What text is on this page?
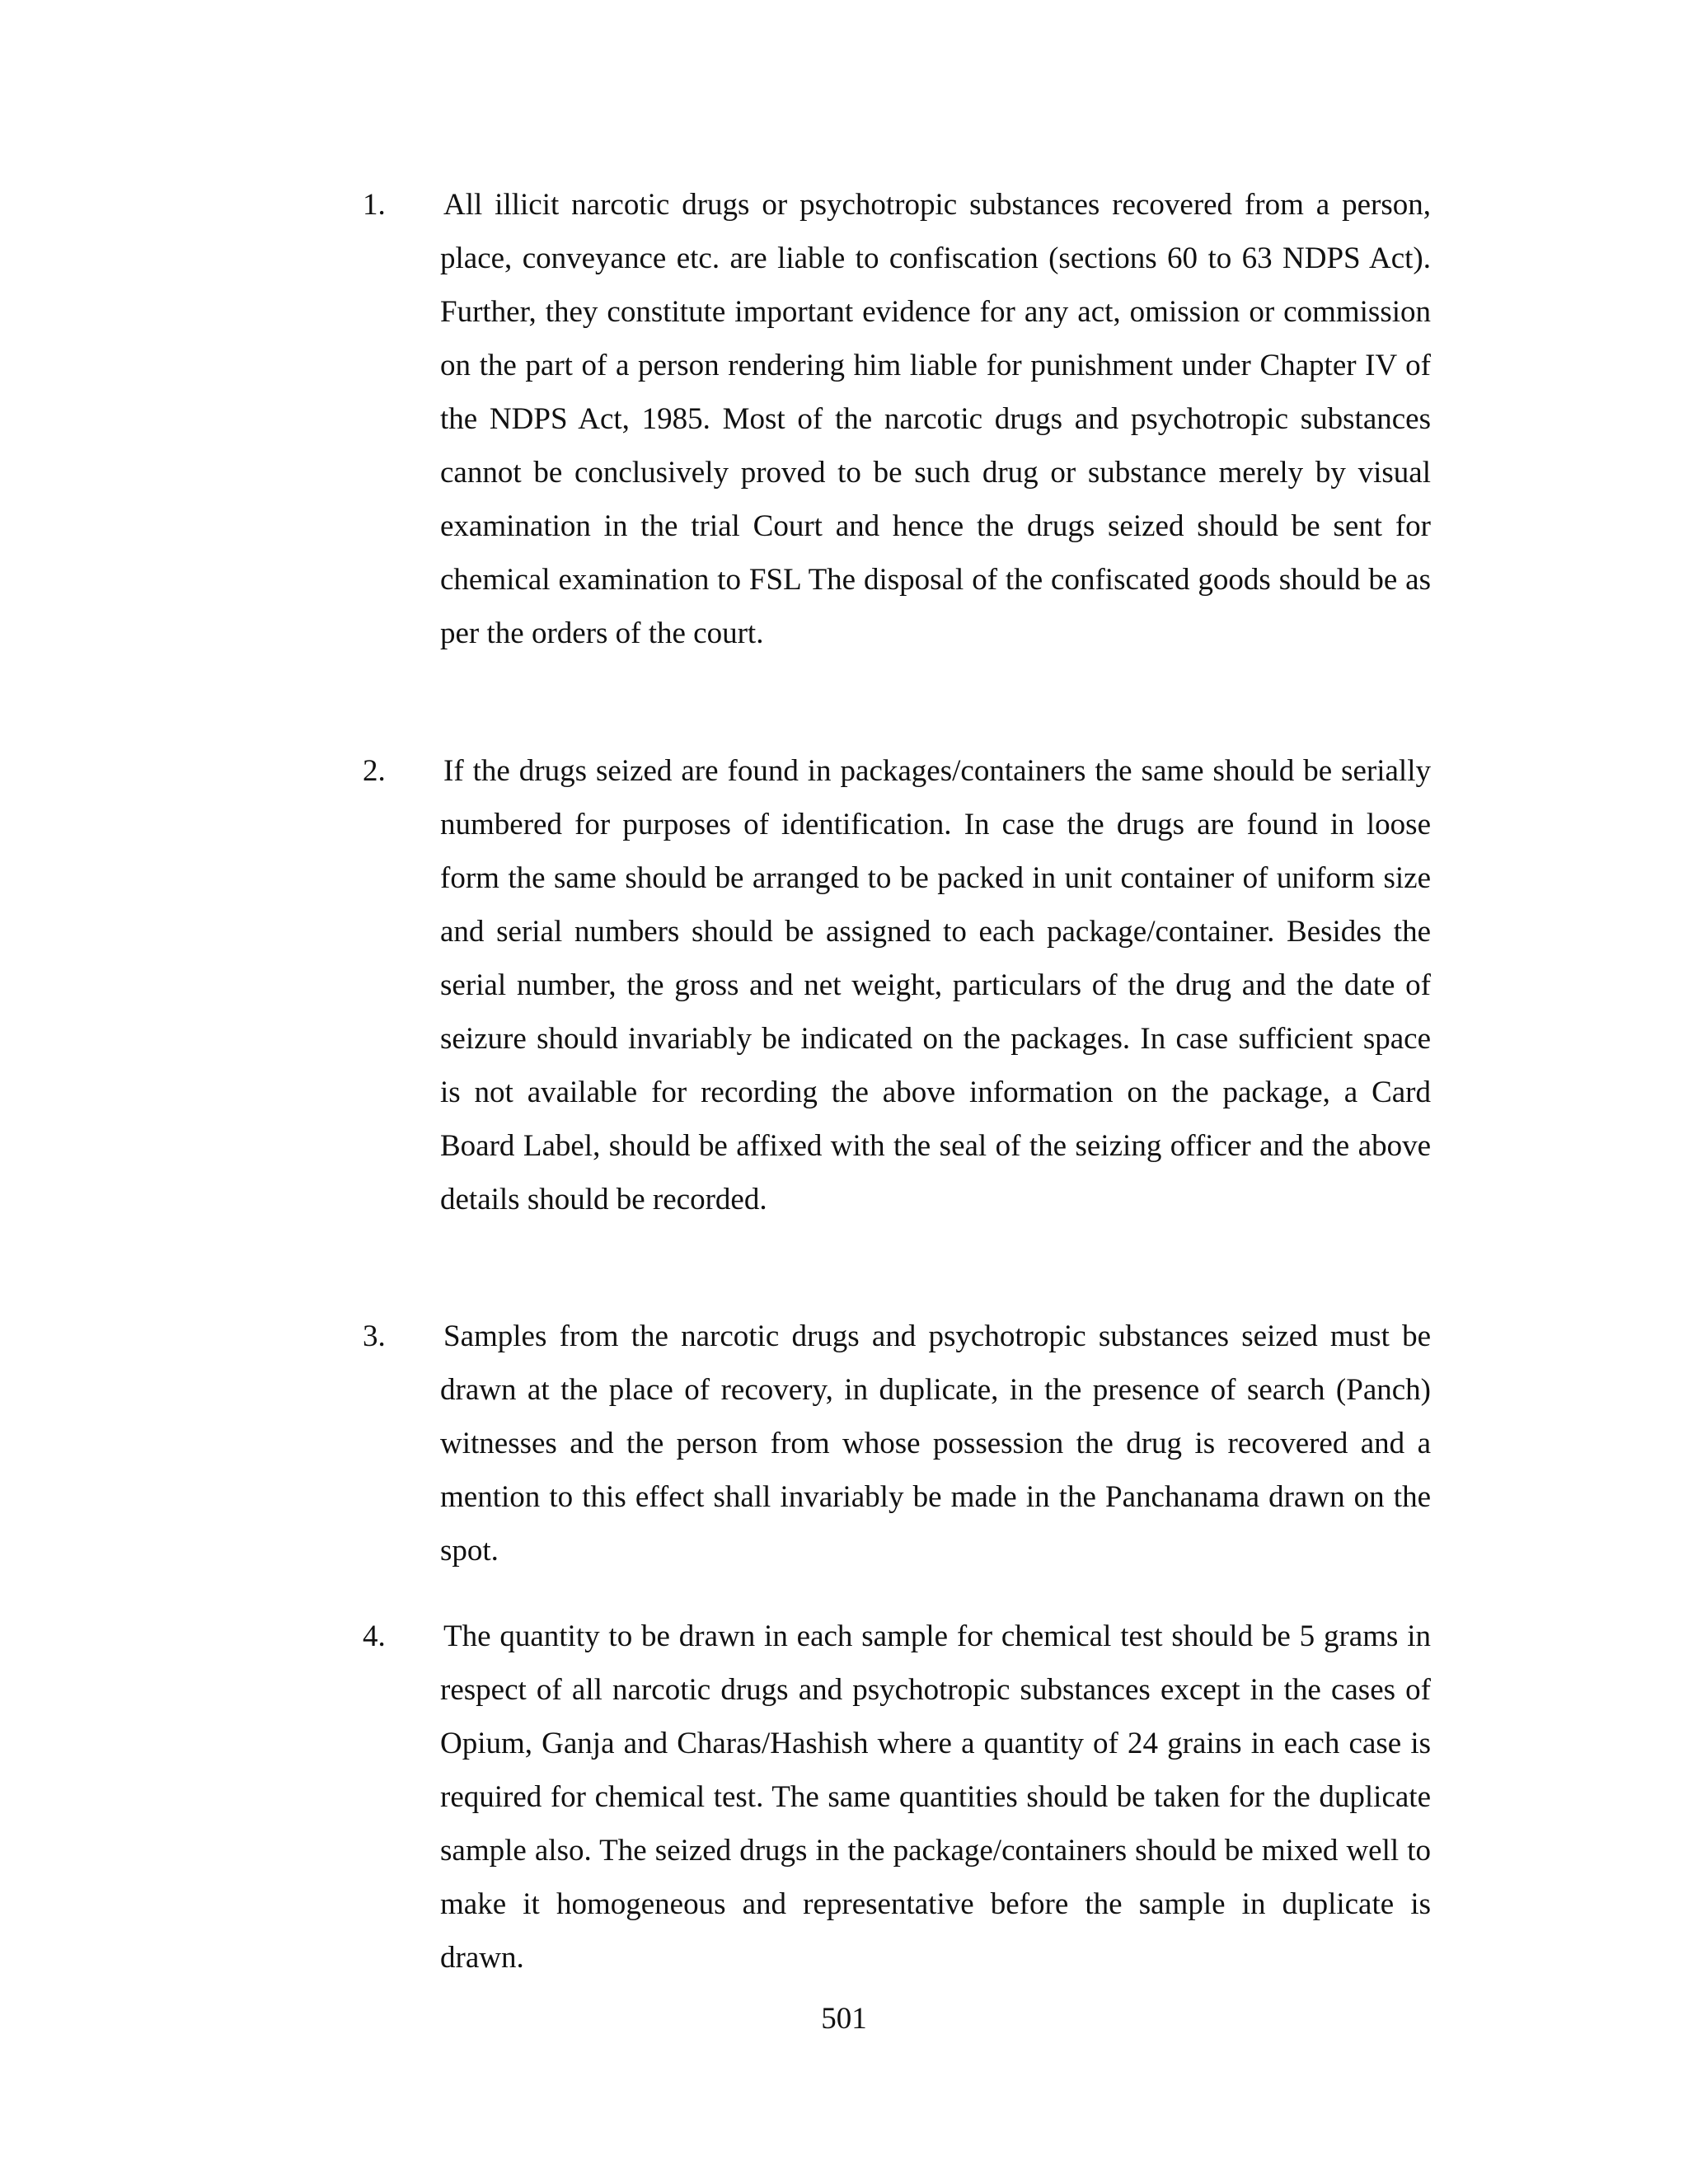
1. All illicit narcotic drugs or psychotropic substances recovered from a person, place, conveyance etc. are liable to confiscation (sections 60 to 63 NDPS Act). Further, they constitute important evidence for any act, omission or commission on the part of a person rendering him liable for punishment under Chapter IV of the NDPS Act, 1985. Most of the narcotic drugs and psychotropic substances cannot be conclusively proved to be such drug or substance merely by visual examination in the trial Court and hence the drugs seized should be sent for chemical examination to FSL The disposal of the confiscated goods should be as per the orders of the court.
2. If the drugs seized are found in packages/containers the same should be serially numbered for purposes of identification. In case the drugs are found in loose form the same should be arranged to be packed in unit container of uniform size and serial numbers should be assigned to each package/container. Besides the serial number, the gross and net weight, particulars of the drug and the date of seizure should invariably be indicated on the packages. In case sufficient space is not available for recording the above information on the package, a Card Board Label, should be affixed with the seal of the seizing officer and the above details should be recorded.
3. Samples from the narcotic drugs and psychotropic substances seized must be drawn at the place of recovery, in duplicate, in the presence of search (Panch) witnesses and the person from whose possession the drug is recovered and a mention to this effect shall invariably be made in the Panchanama drawn on the spot.
4. The quantity to be drawn in each sample for chemical test should be 5 grams in respect of all narcotic drugs and psychotropic substances except in the cases of Opium, Ganja and Charas/Hashish where a quantity of 24 grains in each case is required for chemical test. The same quantities should be taken for the duplicate sample also. The seized drugs in the package/containers should be mixed well to make it homogeneous and representative before the sample in duplicate is drawn.
501
